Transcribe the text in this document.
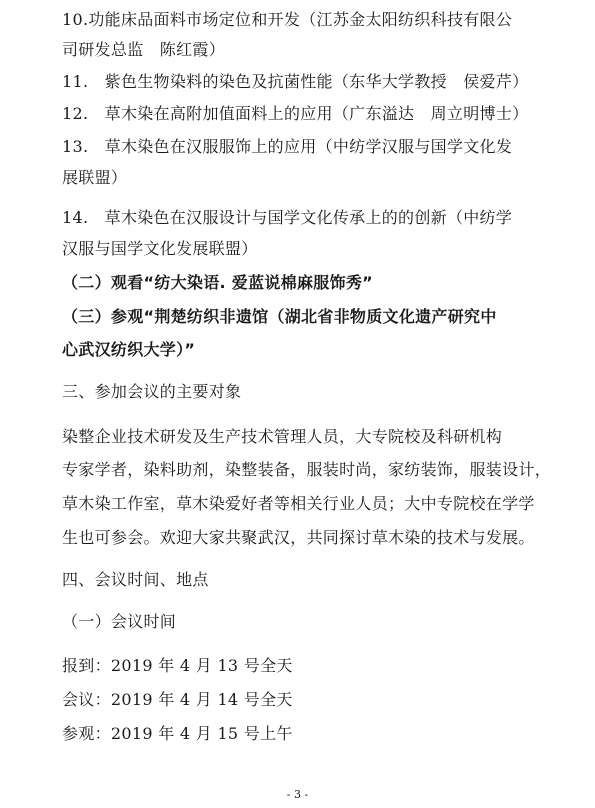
10.功能床品面料市场定位和开发（江苏金太阳纺织科技有限公
司研发总监　陈红霞）
11.　紫色生物染料的染色及抗菌性能（东华大学教授　侯爱芹）
12.　草木染在高附加值面料上的应用（广东溢达　周立明博士）
13.　草木染色在汉服服饰上的应用（中纺学汉服与国学文化发
展联盟）
14.　草木染色在汉服设计与国学文化传承上的的创新（中纺学
汉服与国学文化发展联盟）
（二）观看“纺大染语. 爱蓝说棉麻服饰秀”
（三）参观“荆楚纺织非遗馆（湖北省非物质文化遗产研究中
心武汉纺织大学）”
三、参加会议的主要对象
染整企业技术研发及生产技术管理人员，大专院校及科研机构
专家学者，染料助剂，染整装备，服装时尚，家纺装饰，服装设计，
草木染工作室，草木染爱好者等相关行业人员；大中专院校在学学
生也可参会。欢迎大家共聚武汉，共同探讨草木染的技术与发展。
四、会议时间、地点
（一）会议时间
报到：2019 年 4 月 13 号全天
会议：2019 年 4 月 14 号全天
参观：2019 年 4 月 15 号上午
- 3 -
